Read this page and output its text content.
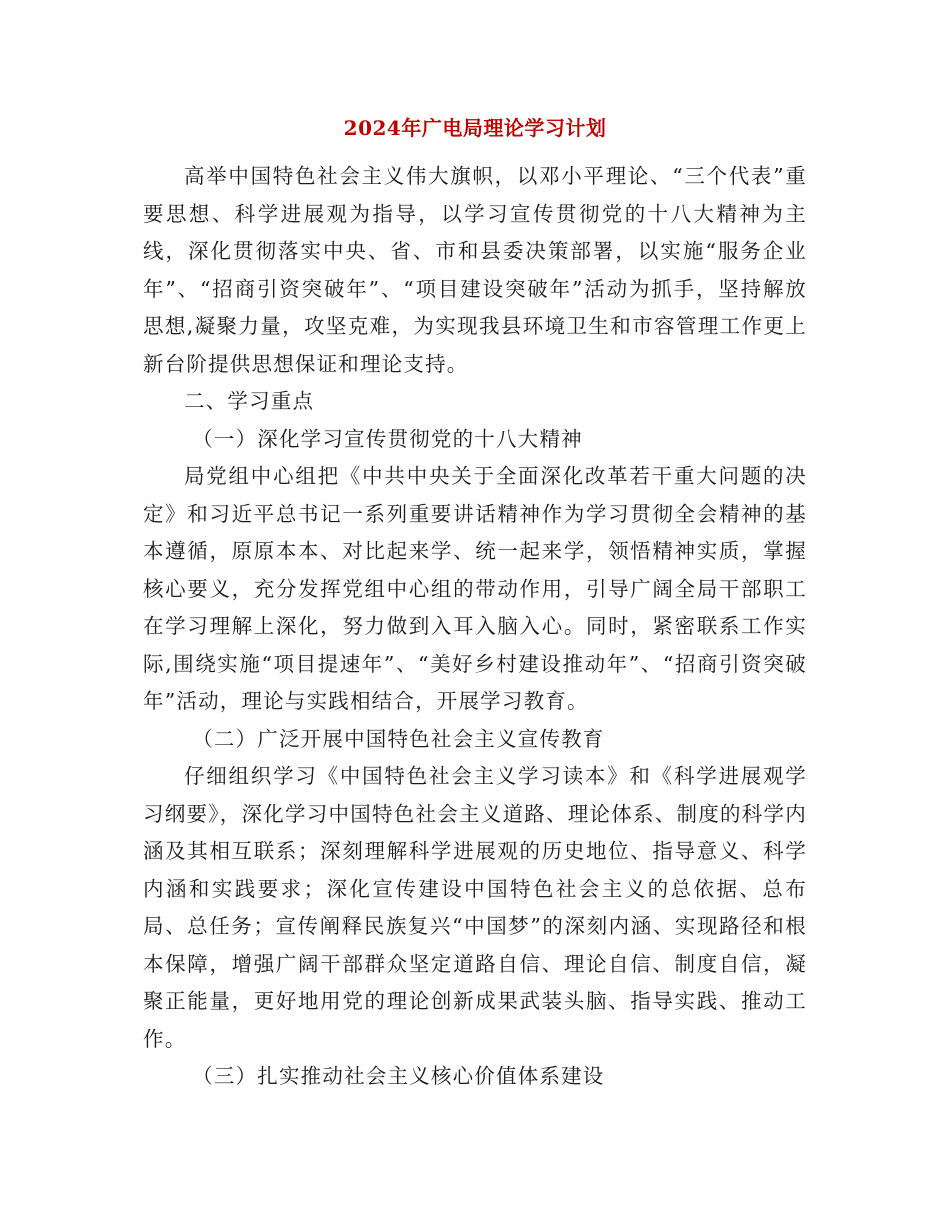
2024年广电局理论学习计划

高举中国特色社会主义伟大旗帜，以邓小平理论、“三个代表”重要思想、科学进展观为指导，以学习宣传贯彻党的十八大精神为主线，深化贯彻落实中央、省、市和县委决策部署，以实施“服务企业年”、“招商引资突破年”、“项目建设突破年”活动为抓手，坚持解放思想,凝聚力量，攻坚克难，为实现我县环境卫生和市容管理工作更上新台阶提供思想保证和理论支持。

二、学习重点

（一）深化学习宣传贯彻党的十八大精神

局党组中心组把《中共中央关于全面深化改革若干重大问题的决定》和习近平总书记一系列重要讲话精神作为学习贯彻全会精神的基本遵循，原原本本、对比起来学、统一起来学，领悟精神实质，掌握核心要义，充分发挥党组中心组的带动作用，引导广阔全局干部职工在学习理解上深化，努力做到入耳入脑入心。同时，紧密联系工作实际,围绕实施“项目提速年”、“美好乡村建设推动年”、“招商引资突破年”活动，理论与实践相结合，开展学习教育。

（二）广泛开展中国特色社会主义宣传教育

仔细组织学习《中国特色社会主义学习读本》和《科学进展观学习纲要》，深化学习中国特色社会主义道路、理论体系、制度的科学内涵及其相互联系；深刻理解科学进展观的历史地位、指导意义、科学内涵和实践要求；深化宣传建设中国特色社会主义的总依据、总布局、总任务；宣传阐释民族复兴“中国梦”的深刻内涵、实现路径和根本保障，增强广阔干部群众坚定道路自信、理论自信、制度自信，凝聚正能量，更好地用党的理论创新成果武装头脑、指导实践、推动工作。

（三）扎实推动社会主义核心价值体系建设
